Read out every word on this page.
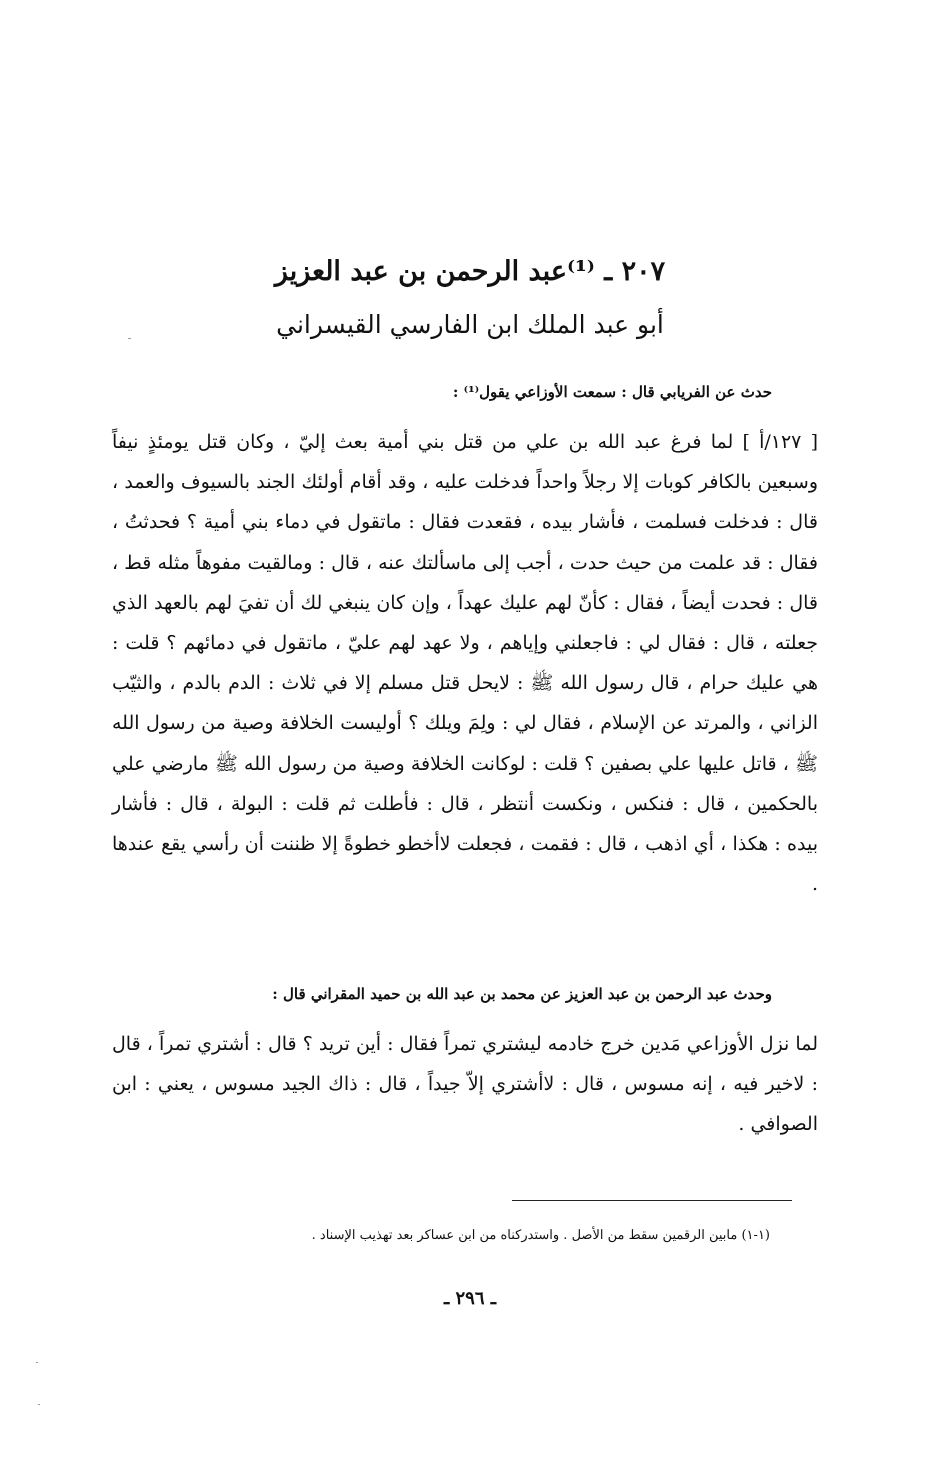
٢٠٧ ـ ⁽¹⁾عبد الرحمن بن عبد العزيز
أبو عبد الملك ابن الفارسي القيسراني
حدث عن الفريابي قال : سمعت الأوزاعي يقول⁽¹⁾ :
[ ١٢٧/أ ] لما فرغ عبد الله بن علي من قتل بني أمية بعث إليّ ، وكان قتل يومئذٍ نيفاً وسبعين بالكافر كوبات إلا رجلاً واحداً فدخلت عليه ، وقد أقام أولئك الجند بالسيوف والعمد ، قال : فدخلت فسلمت ، فأشار بيده ، فقعدت فقال : ماتقول في دماء بني أمية ؟ فحدثتُ ، فقال : قد علمت من حيث حدت ، أجب إلى ماسألتك عنه ، قال : ومالقيت مفوهاً مثله قط ، قال : فحدت أيضاً ، فقال : كأنّ لهم عليك عهداً ، وإن كان ينبغي لك أن تفيَ لهم بالعهد الذي جعلته ، قال : فقال لي : فاجعلني وإياهم ، ولا عهد لهم عليّ ، ماتقول في دمائهم ؟ قلت : هي عليك حرام ، قال رسول الله ﷺ : لايحل قتل مسلم إلا في ثلاث : الدم بالدم ، والثيّب الزاني ، والمرتد عن الإسلام ، فقال لي : ولِمَ ويلك ؟ أوليست الخلافة وصية من رسول الله ﷺ ، قاتل عليها علي بصفين ؟ قلت : لوكانت الخلافة وصية من رسول الله ﷺ مارضي علي بالحكمين ، قال : فنكس ، ونكست أنتظر ، قال : فأطلت ثم قلت : البولة ، قال : فأشار بيده : هكذا ، أي اذهب ، قال : فقمت ، فجعلت لاأخطو خطوةً إلا ظننت أن رأسي يقع عندها .
وحدث عبد الرحمن بن عبد العزيز عن محمد بن عبد الله بن حميد المقراني قال :
لما نزل الأوزاعي مَدين خرج خادمه ليشتري تمراً فقال : أين تريد ؟ قال : أشتري تمراً ، قال : لاخير فيه ، إنه مسوس ، قال : لاأشتري إلاّ جيداً ، قال : ذاك الجيد مسوس ، يعني : ابن الصوافي .
(١-١) مابين الرقمين سقط من الأصل . واستدركناه من ابن عساكر بعد تهذيب الإسناد .
ـ ٢٩٦ ـ
